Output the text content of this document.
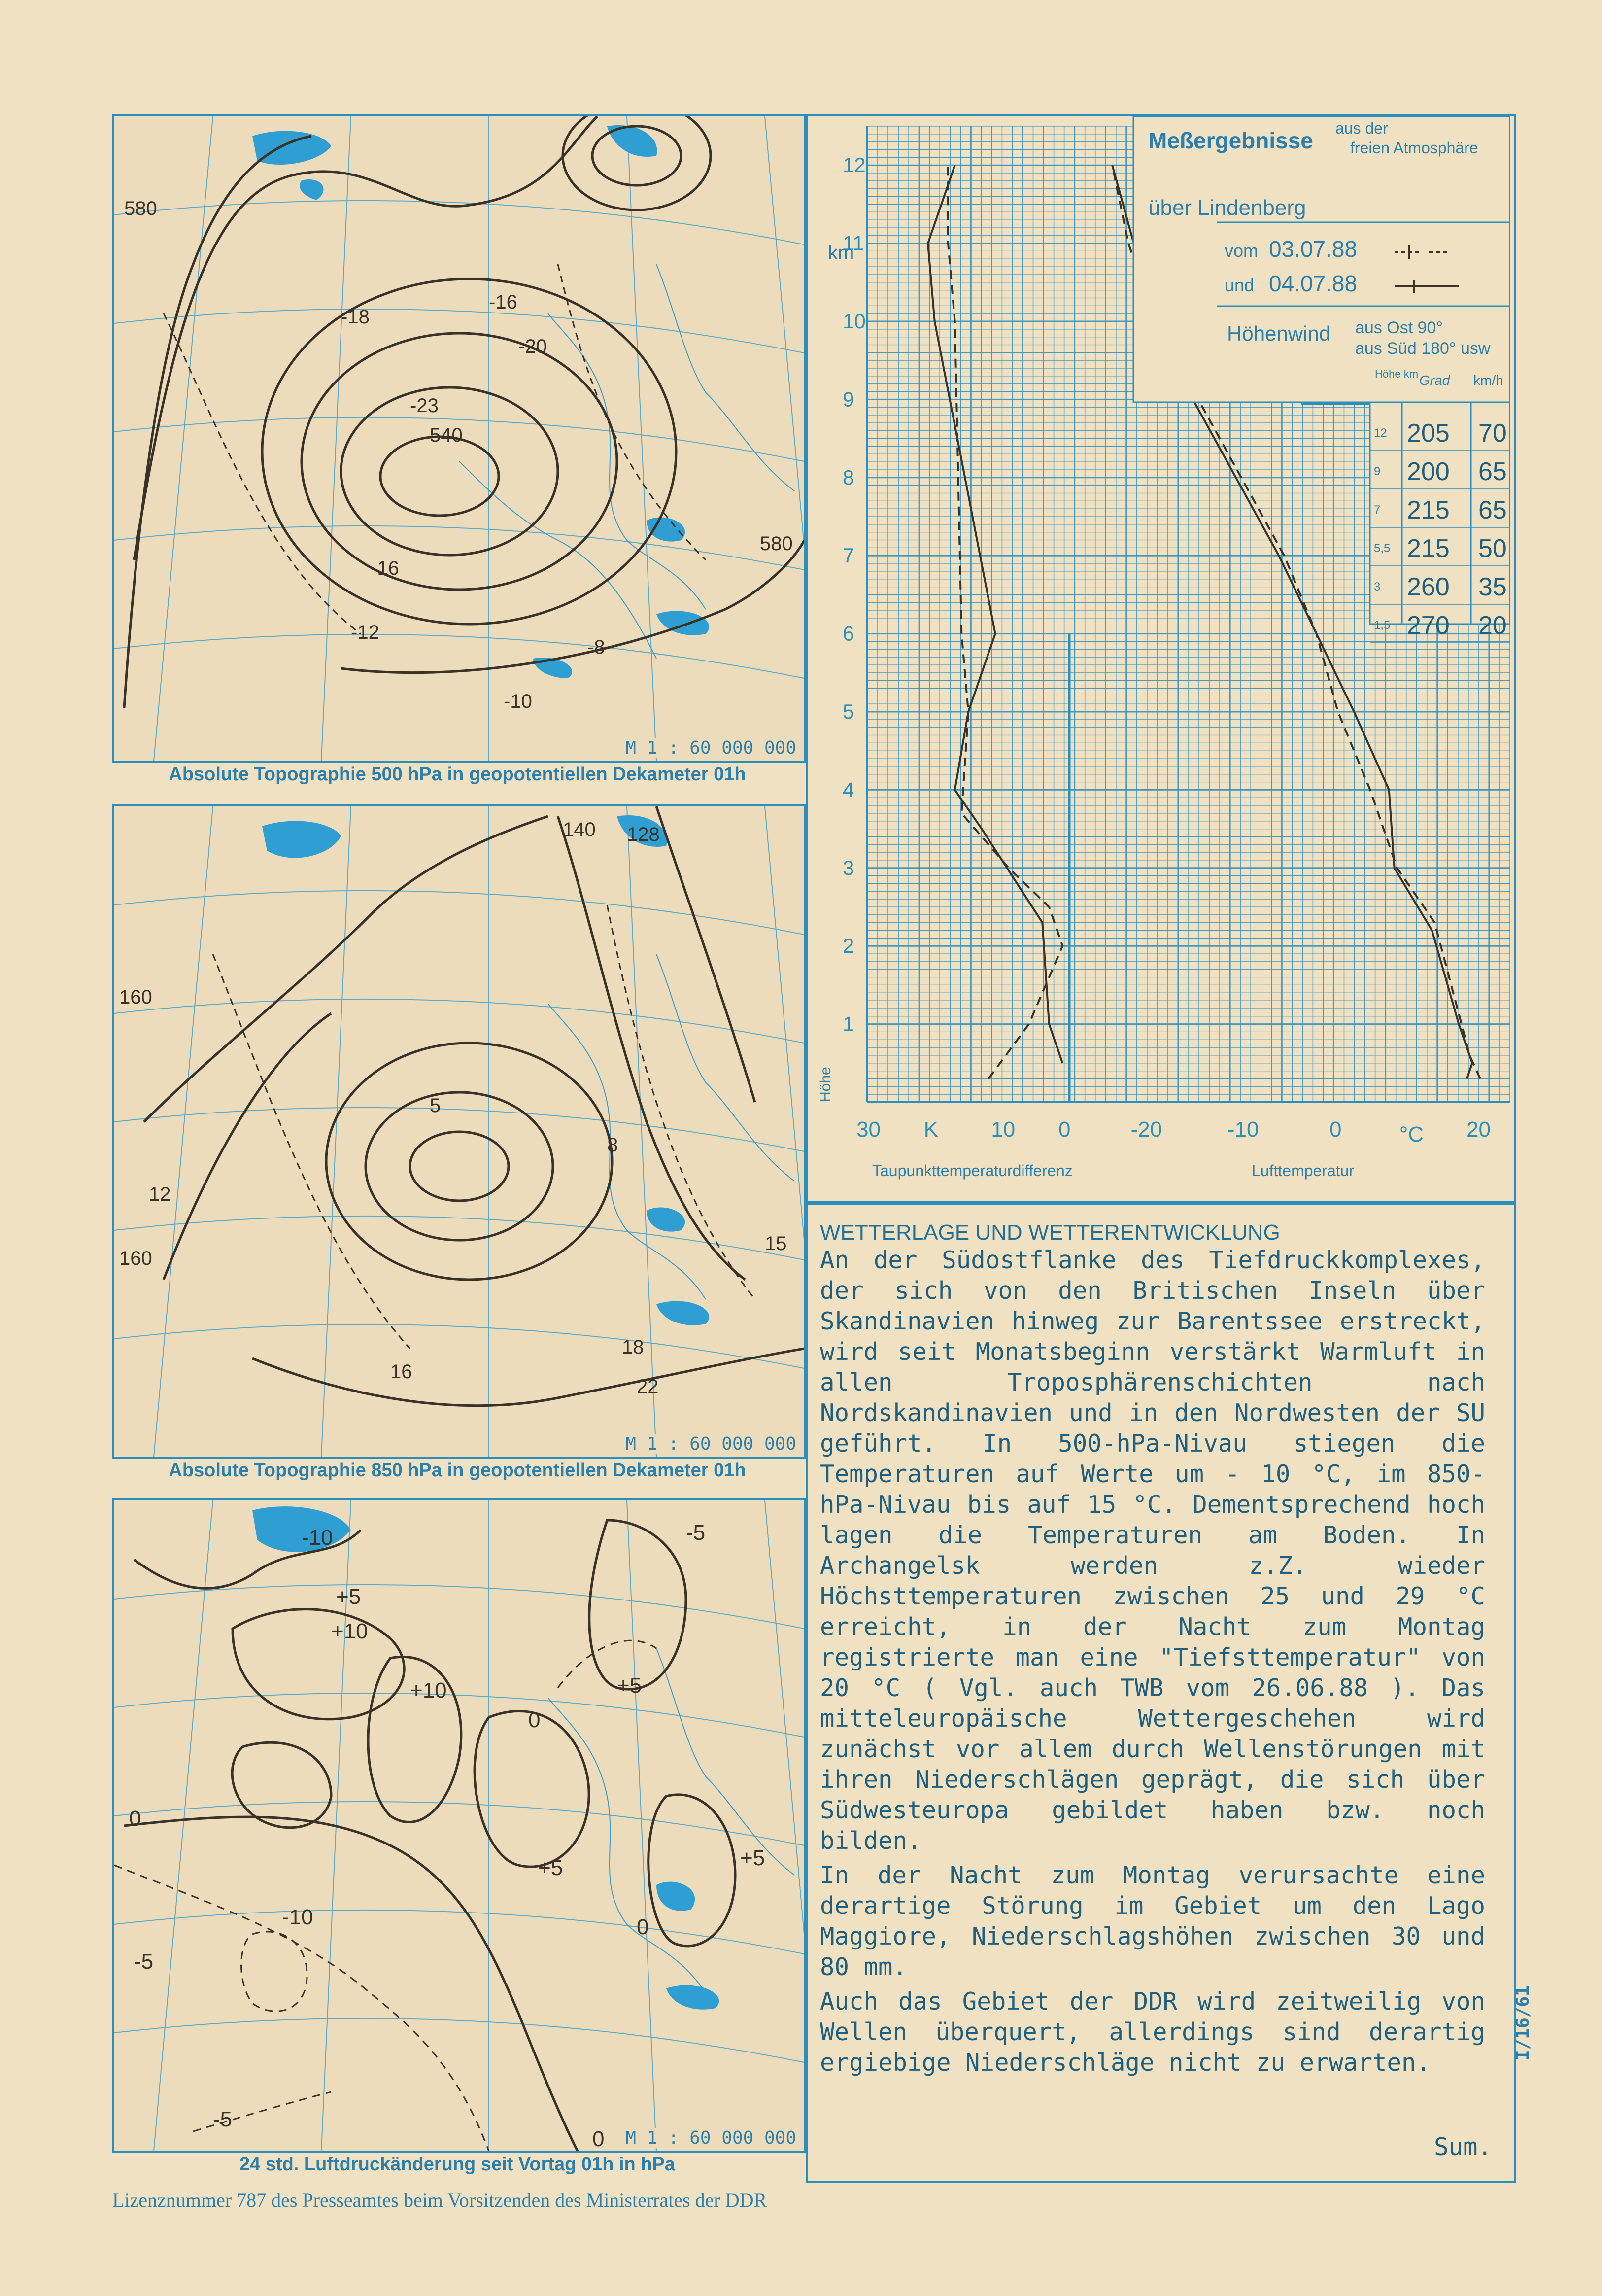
580
540
580
-18
-16
-20
-23
-12
-10
-8
-16
M 1 : 60 000 000
Absolute Topographie 500 hPa in geopotentiellen Dekameter 01h
160
140 128
160
12
16
18
15
22
8
5
M 1 : 60 000 000
Absolute Topographie 850 hPa in geopotentiellen Dekameter 01h
+5
+10
+10
0
0
+5
-5
-10
-5
+5
-10
0
+5
-5
0 M 1 : 60 000 000
24 std. Luftdruckänderung seit Vortag 01h in hPa
1
2
3
4
5
6
7
8
9
10
11
12
30 K 10 0	-20	-10	0	°C 20
Meßergebnisse aus der
freien Atmosphäre
über Lindenberg
vom 03.07.88
und 04.07.88
Höhenwind aus Ost 90°
aus Süd 180° usw
Höhe km Grad km/h
12 205 70
9 200 65
7 215 65
5,5 215 50
3 260 35
1,5 270 20
km
Höhe
Taupunkttemperaturdifferenz	Lufttemperatur
WETTERLAGE UND WETTERENTWICKLUNG

An der Südostflanke des Tiefdruckkomplexes, der sich von den Britischen Inseln über Skandinavien hinweg zur Barentssee erstreckt, wird seit Monatsbeginn verstärkt Warmluft in allen Troposphärenschichten nach Nordskandinavien und in den Nordwesten der SU geführt. In 500-hPa-Nivau stiegen die Temperaturen auf Werte um - 10 °C, im 850-hPa-Nivau bis auf 15 °C. Dementsprechend hoch lagen die Temperaturen am Boden. In Archangelsk werden z.Z. wieder Höchsttemperaturen zwischen 25 und 29 °C erreicht, in der Nacht zum Montag registrierte man eine "Tiefsttemperatur" von 20 °C ( Vgl. auch TWB vom 26.06.88 ). Das mitteleuropäische Wettergeschehen wird zunächst vor allem durch Wellenstörungen mit ihren Niederschlägen geprägt, die sich über Südwesteuropa gebildet haben bzw. noch bilden.

In der Nacht zum Montag verursachte eine derartige Störung im Gebiet um den Lago Maggiore, Niederschlagshöhen zwischen 30 und 80 mm.

Auch das Gebiet der DDR wird zeitweilig von Wellen überquert, allerdings sind derartig ergiebige Niederschläge nicht zu erwarten.

Sum.
I/16/61
Lizenznummer 787 des Presseamtes beim Vorsitzenden des Ministerrates der DDR
